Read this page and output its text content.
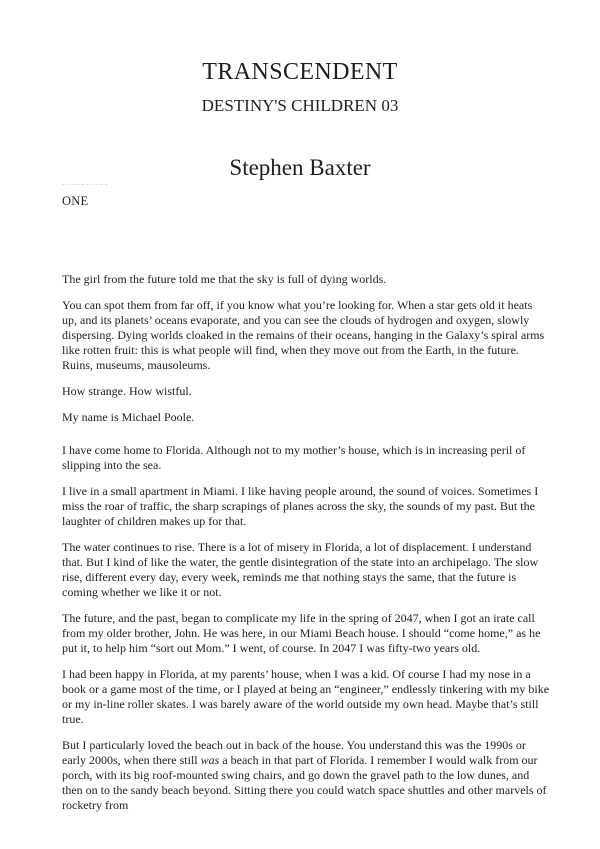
TRANSCENDENT
DESTINY'S CHILDREN 03
Stephen Baxter
ONE

The girl from the future told me that the sky is full of dying worlds.

You can spot them from far off, if you know what you’re looking for. When a star gets old it heats up, and its planets’ oceans evaporate, and you can see the clouds of hydrogen and oxygen, slowly dispersing. Dying worlds cloaked in the remains of their oceans, hanging in the Galaxy’s spiral arms like rotten fruit: this is what people will find, when they move out from the Earth, in the future. Ruins, museums, mausoleums.

How strange. How wistful.

My name is Michael Poole.

I have come home to Florida. Although not to my mother’s house, which is in increasing peril of slipping into the sea.

I live in a small apartment in Miami. I like having people around, the sound of voices. Sometimes I miss the roar of traffic, the sharp scrapings of planes across the sky, the sounds of my past. But the laughter of children makes up for that.

The water continues to rise. There is a lot of misery in Florida, a lot of displacement. I understand that. But I kind of like the water, the gentle disintegration of the state into an archipelago. The slow rise, different every day, every week, reminds me that nothing stays the same, that the future is coming whether we like it or not.

The future, and the past, began to complicate my life in the spring of 2047, when I got an irate call from my older brother, John. He was here, in our Miami Beach house. I should “come home,” as he put it, to help him “sort out Mom.” I went, of course. In 2047 I was fifty-two years old.

I had been happy in Florida, at my parents’ house, when I was a kid. Of course I had my nose in a book or a game most of the time, or I played at being an “engineer,” endlessly tinkering with my bike or my in-line roller skates. I was barely aware of the world outside my own head. Maybe that’s still true.

But I particularly loved the beach out in back of the house. You understand this was the 1990s or early 2000s, when there still was a beach in that part of Florida. I remember I would walk from our porch, with its big roof-mounted swing chairs, and go down the gravel path to the low dunes, and then on to the sandy beach beyond. Sitting there you could watch space shuttles and other marvels of rocketry from
